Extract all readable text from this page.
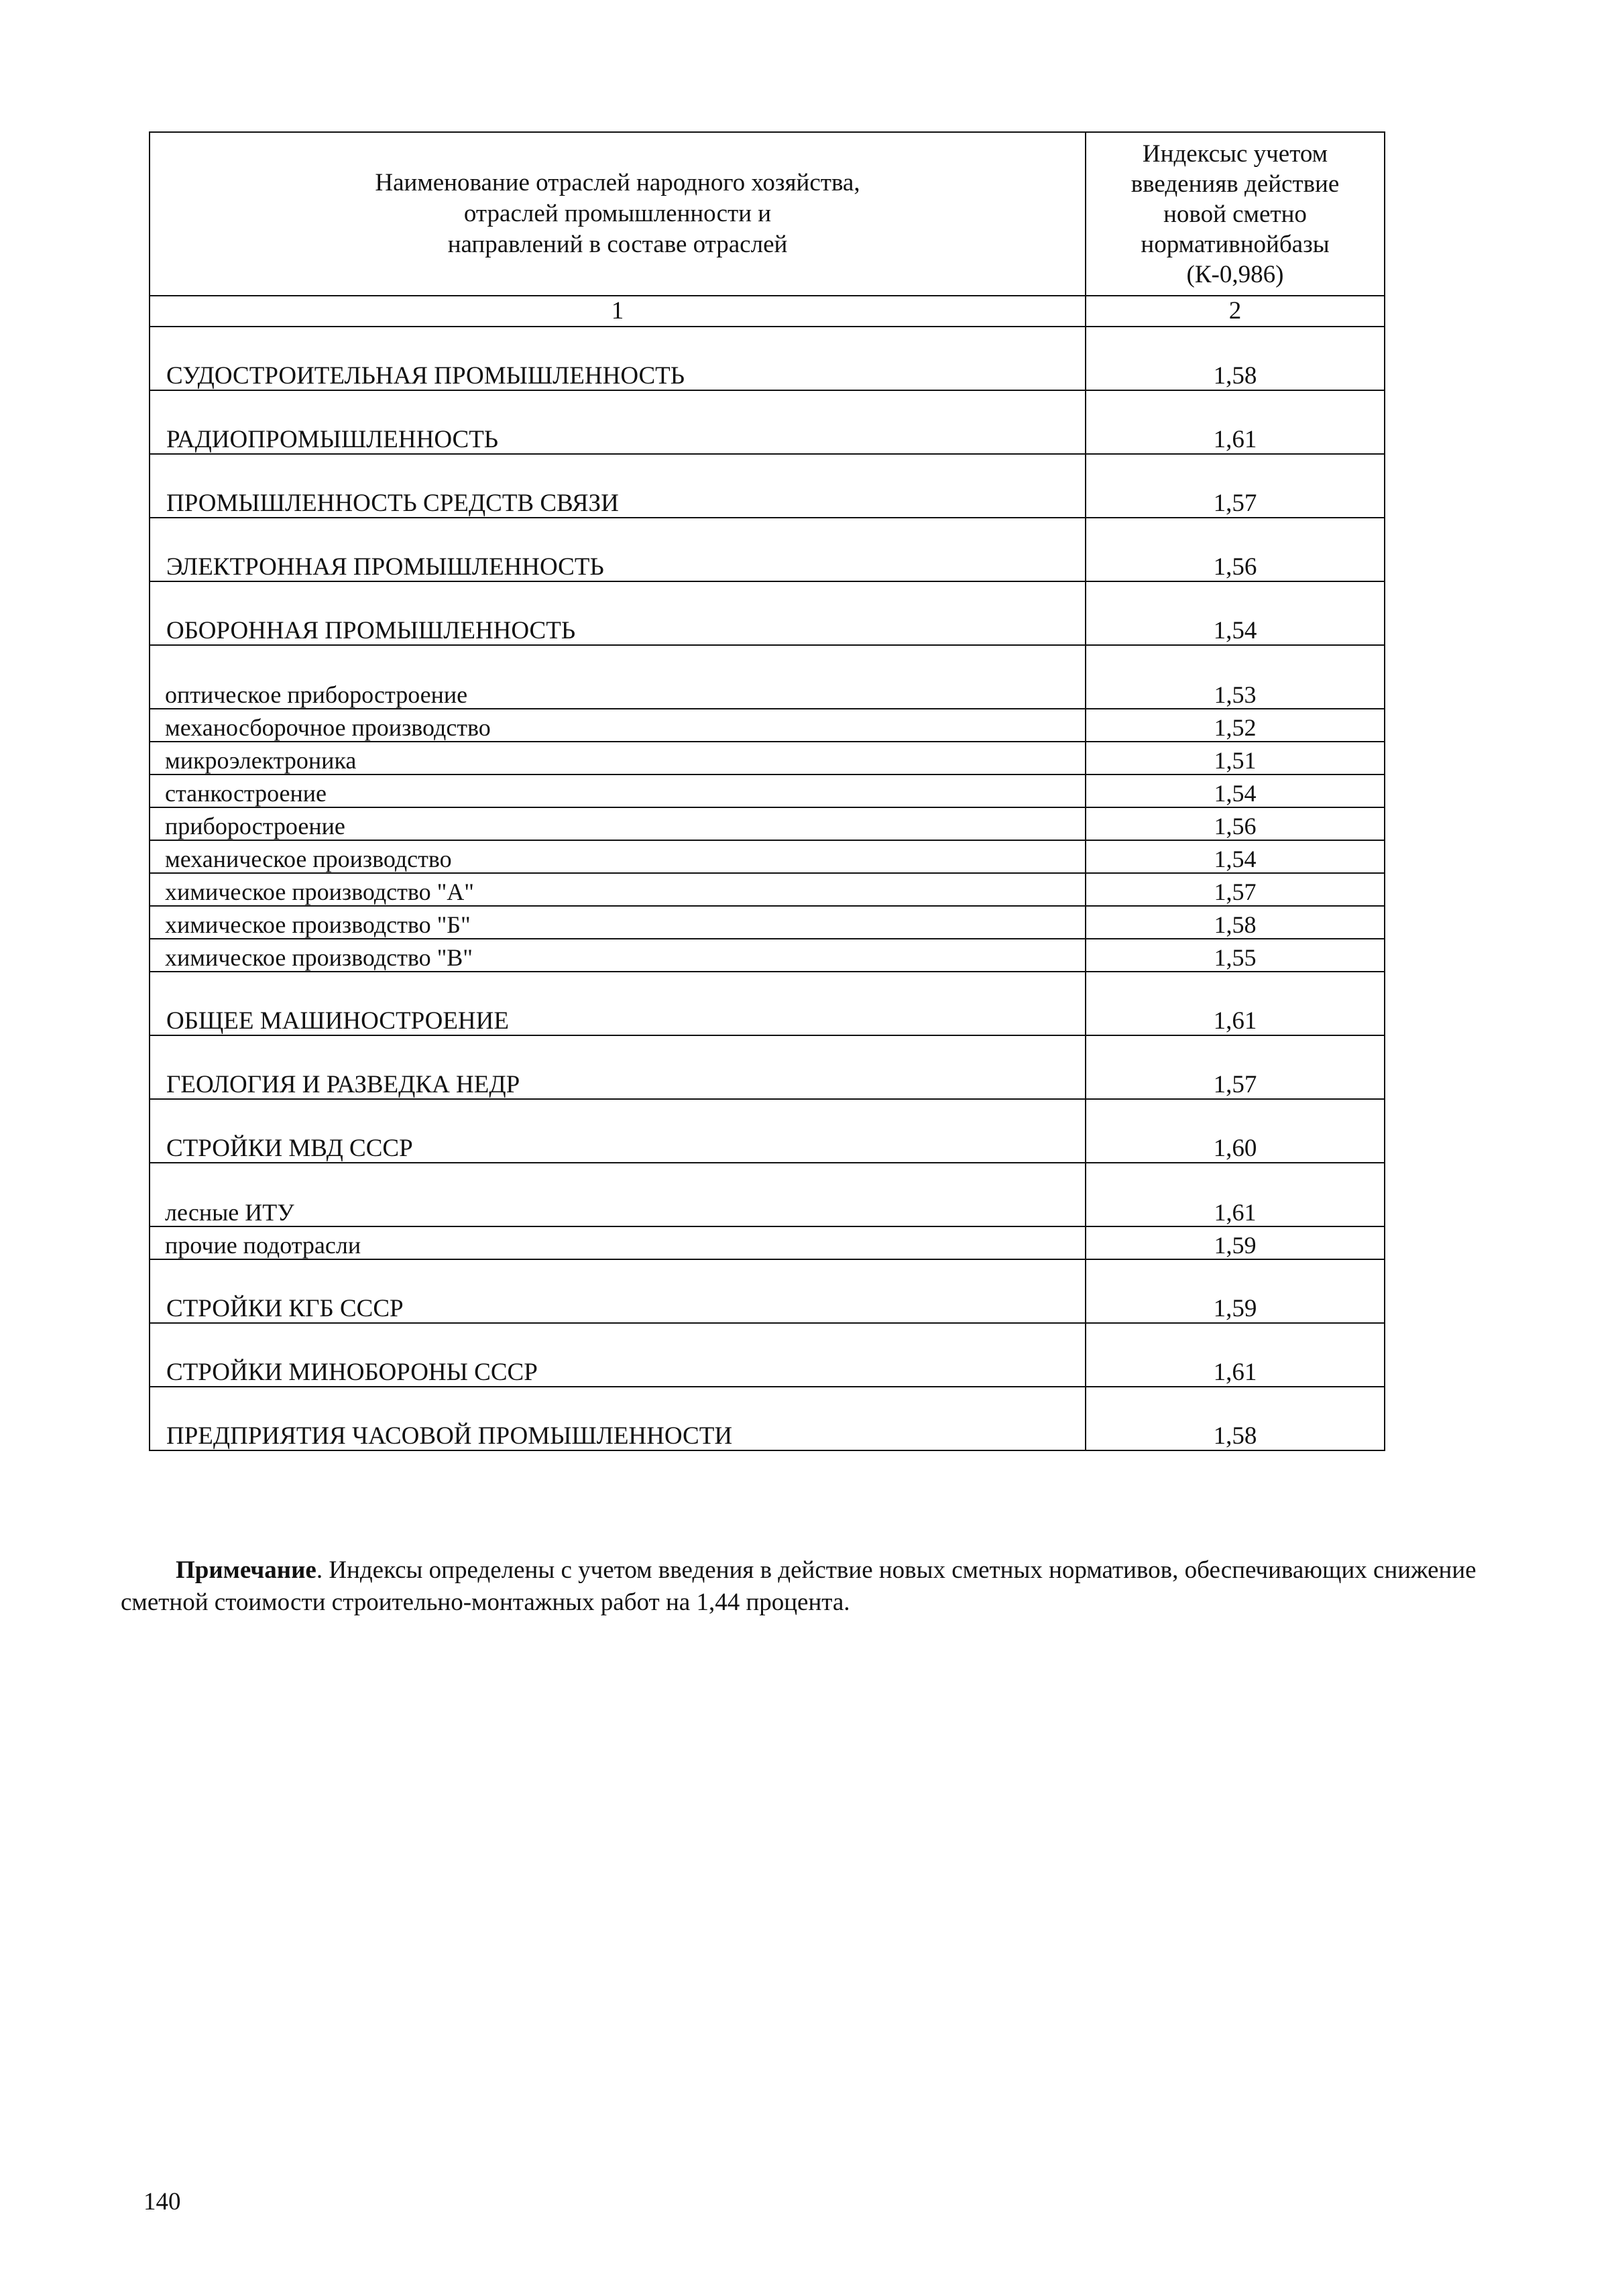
Наименование отраслей народного хозяйства,
отраслей промышленности и
направлений в составе отраслей	Индексыс учетом
введенияв действие
новой сметно
нормативнойбазы
(К-0,986)

1	2
СУДОСТРОИТЕЛЬНАЯ ПРОМЫШЛЕННОСТЬ	1,58
РАДИОПРОМЫШЛЕННОСТЬ	1,61
ПРОМЫШЛЕННОСТЬ СРЕДСТВ СВЯЗИ	1,57
ЭЛЕКТРОННАЯ ПРОМЫШЛЕННОСТЬ	1,56
ОБОРОННАЯ ПРОМЫШЛЕННОСТЬ	1,54
оптическое приборостроение	1,53
механосборочное производство	1,52
микроэлектроника	1,51
станкостроение	1,54
приборостроение	1,56
механическое производство	1,54
химическое производство "А"	1,57
химическое производство "Б"	1,58
химическое производство "В"	1,55
ОБЩЕЕ МАШИНОСТРОЕНИЕ	1,61
ГЕОЛОГИЯ И РАЗВЕДКА НЕДР	1,57
СТРОЙКИ МВД СССР	1,60
лесные ИТУ	1,61
прочие подотрасли	1,59
СТРОЙКИ КГБ СССР	1,59
СТРОЙКИ МИНОБОРОНЫ СССР	1,61
ПРЕДПРИЯТИЯ ЧАСОВОЙ ПРОМЫШЛЕННОСТИ	1,58
Примечание. Индексы определены с учетом введения в действие новых сметных нормативов, обеспечивающих снижение сметной стоимости строительно-монтажных работ на 1,44 процента.
140
